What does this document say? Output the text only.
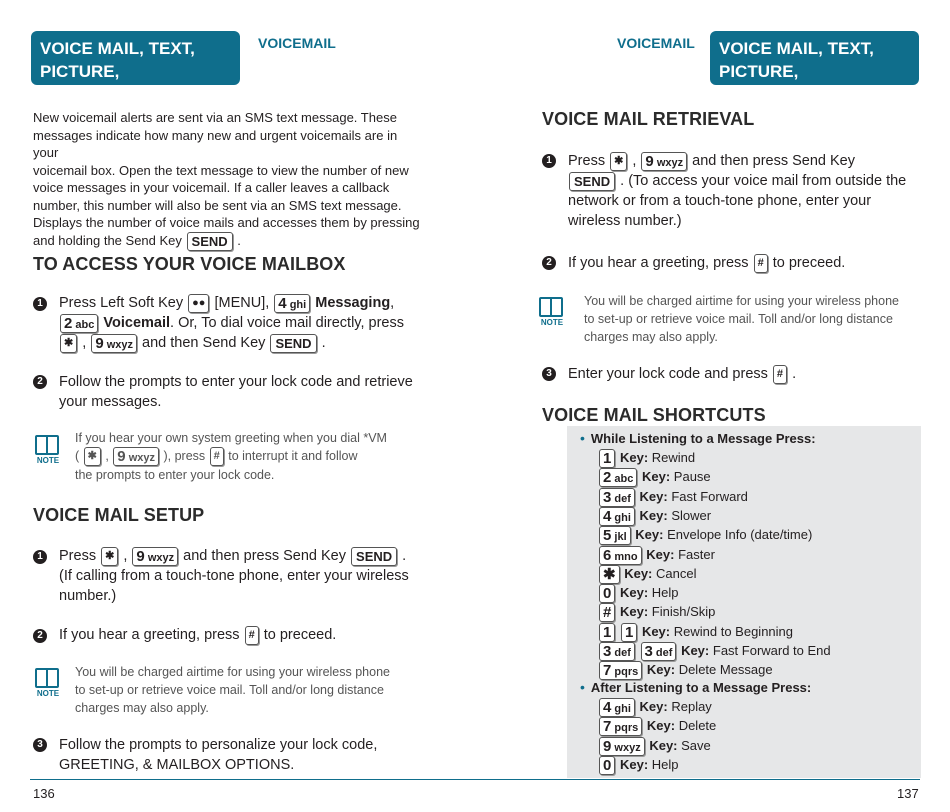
VOICE MAIL, TEXT, PICTURE,
VIDEO MESSAGING
VOICEMAIL
New voicemail alerts are sent via an SMS text message. These
messages indicate how many new and urgent voicemails are in your
voicemail box. Open the text message to view the number of new
voice messages in your voicemail. If a caller leaves a callback
number, this number will also be sent via an SMS text message.
Displays the number of voice mails and accesses them by pressing
and holding the Send Key SEND .
TO ACCESS YOUR VOICE MAILBOX
1 Press Left Soft Key ●● [MENU], 4 ghi Messaging,
2 abc Voicemail. Or, To dial voice mail directly, press
✱ , 9 wxyz and then Send Key SEND .
2 Follow the prompts to enter your lock code and retrieve
your messages.
NOTE
If you hear your own system greeting when you dial *VM
( ✱ , 9 wxyz ), press # to interrupt it and follow
the prompts to enter your lock code.
VOICE MAIL SETUP
1 Press ✱ , 9 wxyz and then press Send Key SEND .
(If calling from a touch-tone phone, enter your wireless
number.)
2 If you hear a greeting, press # to preceed.
NOTE
You will be charged airtime for using your wireless phone
to set-up or retrieve voice mail. Toll and/or long distance
charges may also apply.
3 Follow the prompts to personalize your lock code,
GREETING, & MAILBOX OPTIONS.
VOICEMAIL VOICE MAIL, TEXT, PICTURE,
VIDEO MESSAGING
VOICE MAIL RETRIEVAL
1 Press ✱ , 9 wxyz and then press Send Key
SEND . (To access your voice mail from outside the
network or from a touch-tone phone, enter your
wireless number.)
2 If you hear a greeting, press # to preceed.
NOTE
You will be charged airtime for using your wireless phone
to set-up or retrieve voice mail. Toll and/or long distance
charges may also apply.
3 Enter your lock code and press # .
VOICE MAIL SHORTCUTS
• While Listening to a Message Press:
1 Key: Rewind
2 abc Key: Pause
3 def Key: Fast Forward
4 ghi Key: Slower
5 jkl Key: Envelope Info (date/time)
6 mno Key: Faster
✱ Key: Cancel
0 Key: Help
# Key: Finish/Skip
1 1 Key: Rewind to Beginning
3 def 3 def Key: Fast Forward to End
7 pqrs Key: Delete Message
• After Listening to a Message Press:
4 ghi Key: Replay
7 pqrs Key: Delete
9 wxyz Key: Save
0 Key: Help
136	137
